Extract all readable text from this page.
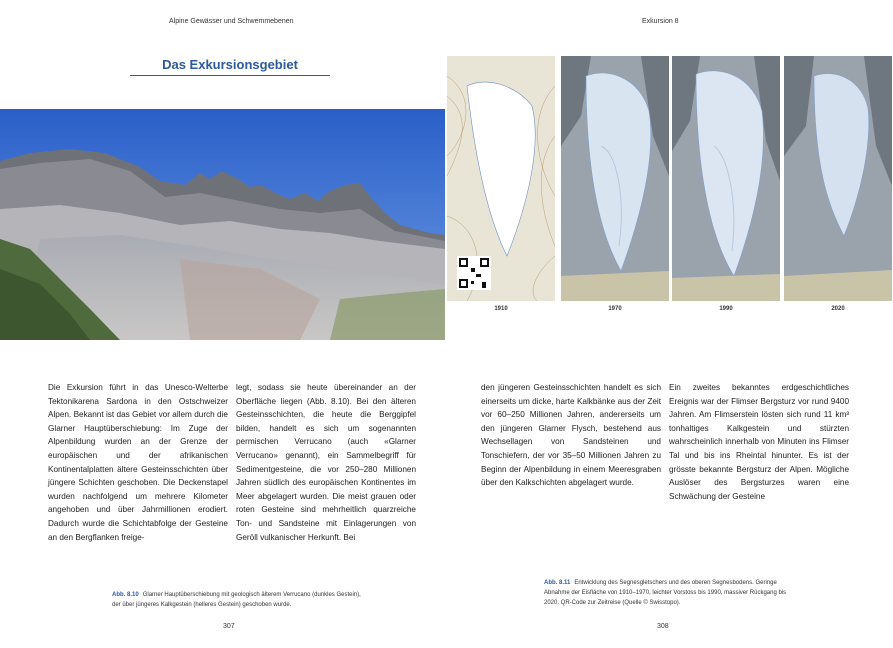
Alpine Gewässer und Schwemmebenen	Exkursion 8
Das Exkursionsgebiet
1910	1970	1990	2020

Die Exkursion führt in das Unesco-Welterbe Tektonikarena Sardona in den Ostschweizer Alpen. Bekannt ist das Gebiet vor allem durch die Glarner Hauptüberschiebung: Im Zuge der Alpenbildung wurden an der Grenze der europäischen und der afrikanischen Kontinentalplatten ältere Gesteinsschichten über jüngere Schichten geschoben. Die Deckenstapel wurden nachfolgend um mehrere Kilometer angehoben und über Jahrmillionen erodiert. Dadurch wurde die Schichtabfolge der Gesteine an den Bergflanken freige-

legt, sodass sie heute übereinander an der Oberfläche liegen (Abb. 8.10). Bei den älteren Gesteinsschichten, die heute die Berggipfel bilden, handelt es sich um sogenannten permischen Verrucano (auch «Glarner Verrucano» genannt), ein Sammelbegriff für Sedimentgesteine, die vor 250–280 Millionen Jahren südlich des europäischen Kontinentes im Meer abgelagert wurden. Die meist grauen oder roten Gesteine sind mehrheitlich quarzreiche Ton- und Sandsteine mit Einlagerungen von Geröll vulkanischer Herkunft. Bei

den jüngeren Gesteinsschichten handelt es sich einerseits um dicke, harte Kalkbänke aus der Zeit vor 60–250 Millionen Jahren, andererseits um den jüngeren Glarner Flysch, bestehend aus Wechsellagen von Sandsteinen und Tonschiefern, der vor 35–50 Millionen Jahren zu Beginn der Alpenbildung in einem Meeresgraben über den Kalkschichten abgelagert wurde.

Ein zweites bekanntes erdgeschichtliches Ereignis war der Flimser Bergsturz vor rund 9400 Jahren. Am Flimserstein lösten sich rund 11 km³ tonhaltiges Kalkgestein und stürzten wahrscheinlich innerhalb von Minuten ins Flimser Tal und bis ins Rheintal hinunter. Es ist der grösste bekannte Bergsturz der Alpen. Mögliche Auslöser des Bergsturzes waren eine Schwächung der Gesteine

Abb. 8.10 Glarner Hauptüberschiebung mit geologisch älterem Verrucano (dunkles Gestein), der über jüngeres Kalkgestein (helleres Gestein) geschoben wurde.
Abb. 8.11 Entwicklung des Segnesgletschers und des oberen Segnesbodens. Geringe Abnahme der Eisfläche von 1910–1970, leichter Vorstoss bis 1990, massiver Rückgang bis 2020. QR-Code zur Zeitreise (Quelle © Swisstopo).
307	308
